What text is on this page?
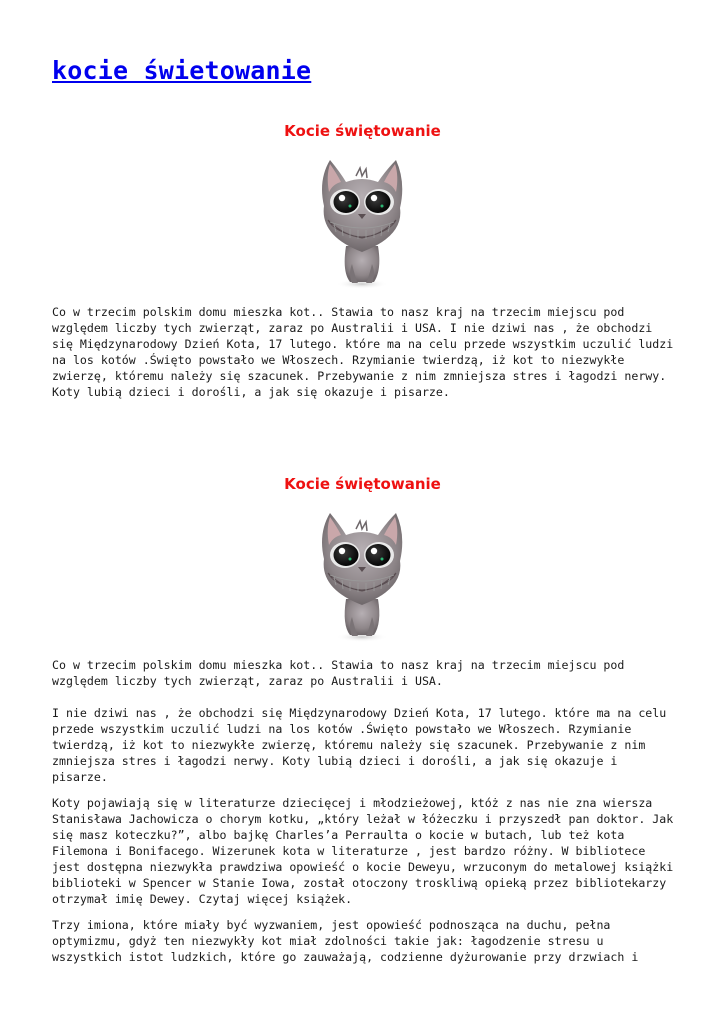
kocie świetowanie
Kocie świętowanie

Co w trzecim polskim domu mieszka kot.. Stawia to nasz kraj na trzecim miejscu pod
względem liczby tych zwierząt, zaraz po Australii i USA. I nie dziwi nas , że obchodzi
się Międzynarodowy Dzień Kota, 17 lutego. które ma na celu przede wszystkim uczulić ludzi
na los kotów .Święto powstało we Włoszech. Rzymianie twierdzą, iż kot to niezwykłe
zwierzę, któremu należy się szacunek. Przebywanie z nim zmniejsza stres i łagodzi nerwy.
Koty lubią dzieci i dorośli, a jak się okazuje i pisarze.

Kocie świętowanie

Co w trzecim polskim domu mieszka kot.. Stawia to nasz kraj na trzecim miejscu pod
względem liczby tych zwierząt, zaraz po Australii i USA.

I nie dziwi nas , że obchodzi się Międzynarodowy Dzień Kota, 17 lutego. które ma na celu
przede wszystkim uczulić ludzi na los kotów .Święto powstało we Włoszech. Rzymianie
twierdzą, iż kot to niezwykłe zwierzę, któremu należy się szacunek. Przebywanie z nim
zmniejsza stres i łagodzi nerwy. Koty lubią dzieci i dorośli, a jak się okazuje i
pisarze.

Koty pojawiają się w literaturze dziecięcej i młodzieżowej, któż z nas nie zna wiersza
Stanisława Jachowicza o chorym kotku, „który leżał w łóżeczku i przyszedł pan doktor. Jak
się masz koteczku?”, albo bajkę Charles’a Perraulta o kocie w butach, lub też kota
Filemona i Bonifacego. Wizerunek kota w literaturze , jest bardzo różny. W bibliotece
jest dostępna niezwykła prawdziwa opowieść o kocie Deweyu, wrzuconym do metalowej książki
biblioteki w Spencer w Stanie Iowa, został otoczony troskliwą opieką przez bibliotekarzy
otrzymał imię Dewey. Czytaj więcej książek.

Trzy imiona, które miały być wyzwaniem, jest opowieść podnosząca na duchu, pełna
optymizmu, gdyż ten niezwykły kot miał zdolności takie jak: łagodzenie stresu u
wszystkich istot ludzkich, które go zauważają, codzienne dyżurowanie przy drzwiach i
